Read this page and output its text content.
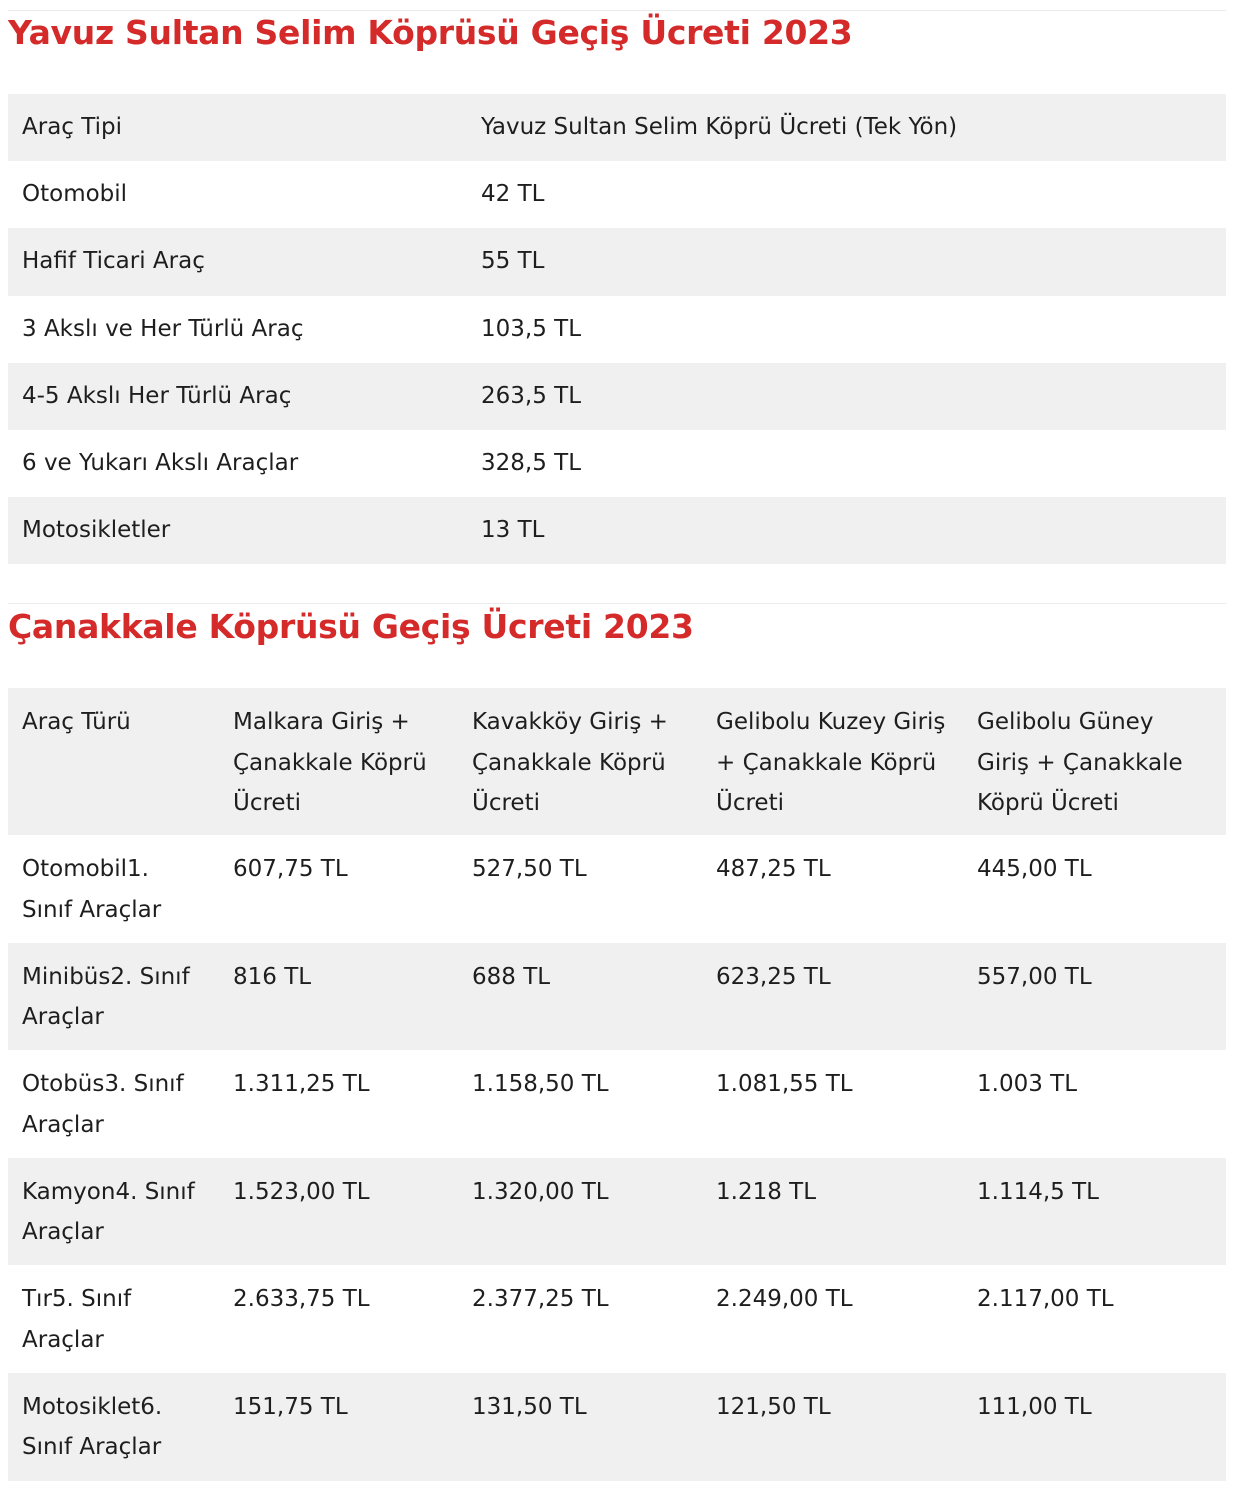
Yavuz Sultan Selim Köprüsü Geçiş Ücreti 2023
Araç Tipi	Yavuz Sultan Selim Köprü Ücreti (Tek Yön)
Otomobil	42 TL
Hafif Ticari Araç	55 TL
3 Akslı ve Her Türlü Araç	103,5 TL
4-5 Akslı Her Türlü Araç	263,5 TL
6 ve Yukarı Akslı Araçlar	328,5 TL
Motosikletler	13 TL
Çanakkale Köprüsü Geçiş Ücreti 2023
Araç Türü	Malkara Giriş + Çanakkale Köprü Ücreti	Kavakköy Giriş + Çanakkale Köprü Ücreti	Gelibolu Kuzey Giriş + Çanakkale Köprü Ücreti	Gelibolu Güney Giriş + Çanakkale Köprü Ücreti
Otomobil1. Sınıf Araçlar	607,75 TL	527,50 TL	487,25 TL	445,00 TL
Minibüs2. Sınıf Araçlar	816 TL	688 TL	623,25 TL	557,00 TL
Otobüs3. Sınıf Araçlar	1.311,25 TL	1.158,50 TL	1.081,55 TL	1.003 TL
Kamyon4. Sınıf Araçlar	1.523,00 TL	1.320,00 TL	1.218 TL	1.114,5 TL
Tır5. Sınıf Araçlar	2.633,75 TL	2.377,25 TL	2.249,00 TL	2.117,00 TL
Motosiklet6. Sınıf Araçlar	151,75 TL	131,50 TL	121,50 TL	111,00 TL
